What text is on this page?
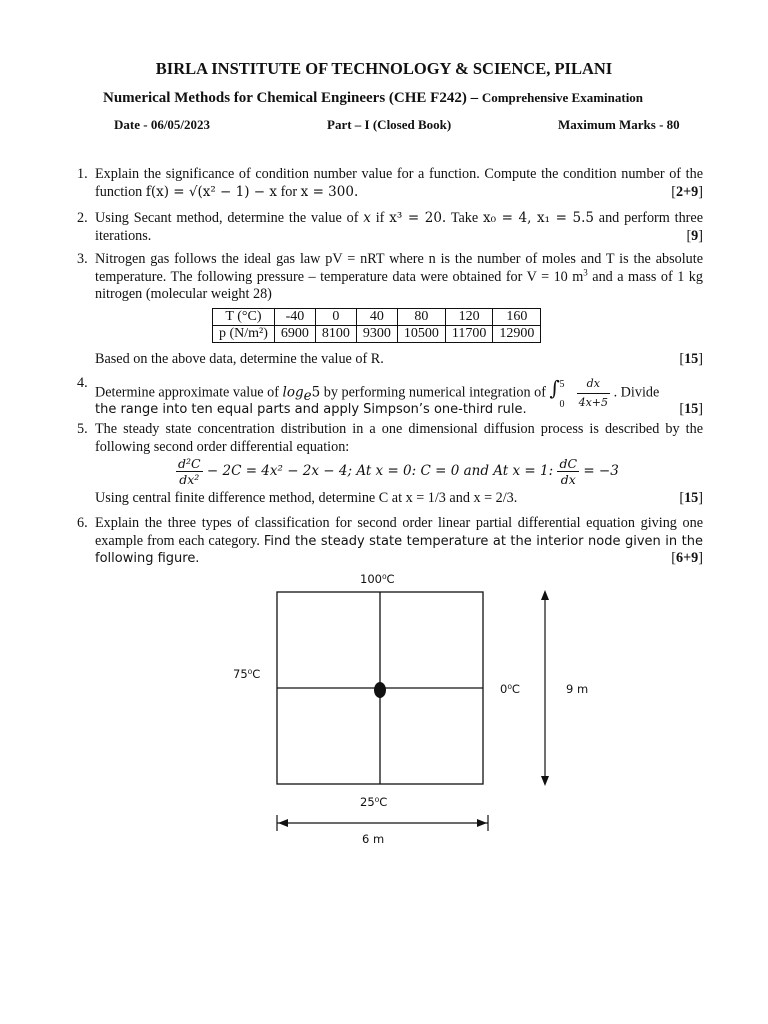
BIRLA INSTITUTE OF TECHNOLOGY & SCIENCE, PILANI
Numerical Methods for Chemical Engineers (CHE F242) – Comprehensive Examination
Date - 06/05/2023	Part – I (Closed Book)	Maximum Marks - 80
1. Explain the significance of condition number value for a function. Compute the condition number of the function f(x) = √(x² − 1) − x for x = 300.	[2+9]
2. Using Secant method, determine the value of x if x³ = 20. Take x₀ = 4, x₁ = 5.5 and perform three iterations.	[9]
3. Nitrogen gas follows the ideal gas law pV = nRT where n is the number of moles and T is the absolute temperature. The following pressure – temperature data were obtained for V = 10 $m^3$ and a mass of 1 kg nitrogen (molecular weight 28)
T (°C)	-40	0	40	80	120	160
p (N/m²)	6900	8100	9300	10500	11700	12900
Based on the above data, determine the value of R.	[15]
4.
Determine approximate value of $\log_e5$ by performing numerical integration of ∫ 5
0
$\frac{dx}{4x+5}$ . Divide
the range into ten equal parts and apply Simpson’s one-third rule.	[15]
5. The steady state concentration distribution in a one dimensional diffusion process is described by the following second order differential equation:
$\frac{\text{d²C}}{\text{dx²}} - 2C = 4x^2 - 2x - 4$; At x = 0: C = 0 and At x = 1: $\frac{dC}{dx} = -3$
Using central finite difference method, determine C at x = 1/3 and x = 2/3.	[15]
6. Explain the three types of classification for second order linear partial differential equation giving one example from each category. Find the steady state temperature at the interior node given in the following figure.	[6+9]
100⁰C
75⁰C
0⁰C	9 m
25⁰C
6 m
